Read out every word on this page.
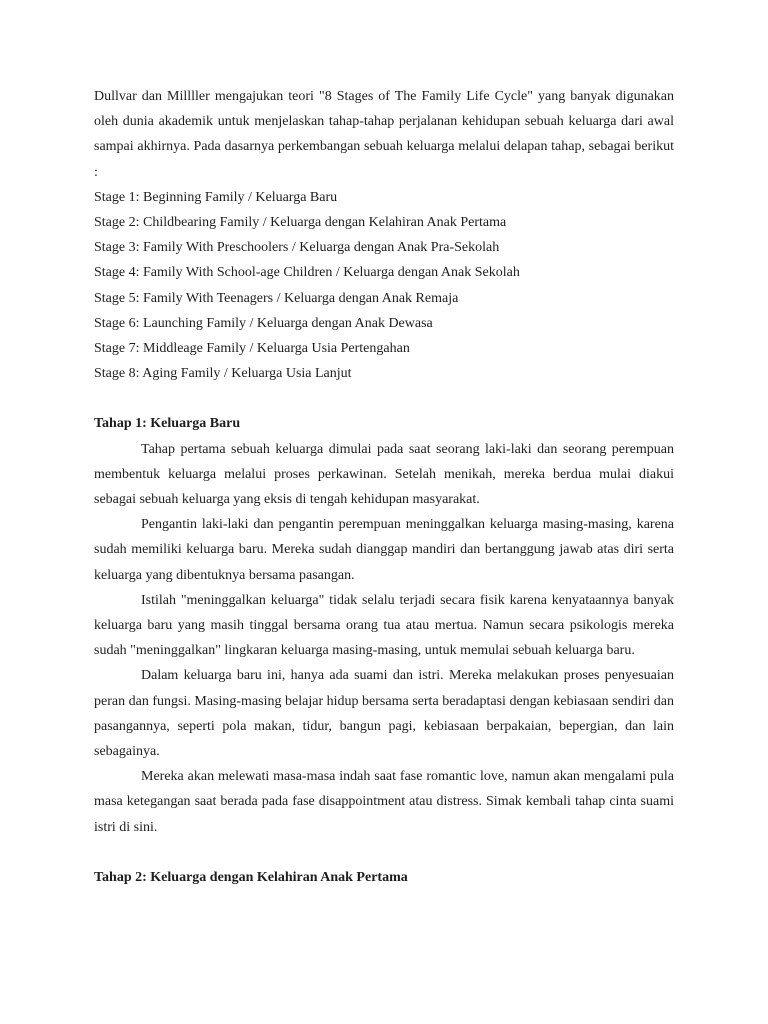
Dullvar dan Millller mengajukan teori "8 Stages of The Family Life Cycle" yang banyak digunakan oleh dunia akademik untuk menjelaskan tahap-tahap perjalanan kehidupan sebuah keluarga dari awal sampai akhirnya. Pada dasarnya perkembangan sebuah keluarga melalui delapan tahap, sebagai berikut :

Stage 1: Beginning Family / Keluarga Baru

Stage 2: Childbearing Family / Keluarga dengan Kelahiran Anak Pertama

Stage 3: Family With Preschoolers / Keluarga dengan Anak Pra-Sekolah

Stage 4: Family With School-age Children / Keluarga dengan Anak Sekolah

Stage 5: Family With Teenagers / Keluarga dengan Anak Remaja

Stage 6: Launching Family / Keluarga dengan Anak Dewasa

Stage 7: Middleage Family / Keluarga Usia Pertengahan

Stage 8: Aging Family / Keluarga Usia Lanjut

Tahap 1: Keluarga Baru

Tahap pertama sebuah keluarga dimulai pada saat seorang laki-laki dan seorang perempuan membentuk keluarga melalui proses perkawinan. Setelah menikah, mereka berdua mulai diakui sebagai sebuah keluarga yang eksis di tengah kehidupan masyarakat.

Pengantin laki-laki dan pengantin perempuan meninggalkan keluarga masing-masing, karena sudah memiliki keluarga baru. Mereka sudah dianggap mandiri dan bertanggung jawab atas diri serta keluarga yang dibentuknya bersama pasangan.

Istilah "meninggalkan keluarga" tidak selalu terjadi secara fisik karena kenyataannya banyak keluarga baru yang masih tinggal bersama orang tua atau mertua. Namun secara psikologis mereka sudah "meninggalkan" lingkaran keluarga masing-masing, untuk memulai sebuah keluarga baru.

Dalam keluarga baru ini, hanya ada suami dan istri. Mereka melakukan proses penyesuaian peran dan fungsi. Masing-masing belajar hidup bersama serta beradaptasi dengan kebiasaan sendiri dan pasangannya, seperti pola makan, tidur, bangun pagi, kebiasaan berpakaian, bepergian, dan lain sebagainya.

Mereka akan melewati masa-masa indah saat fase romantic love, namun akan mengalami pula masa ketegangan saat berada pada fase disappointment atau distress. Simak kembali tahap cinta suami istri di sini.

Tahap 2: Keluarga dengan Kelahiran Anak Pertama
